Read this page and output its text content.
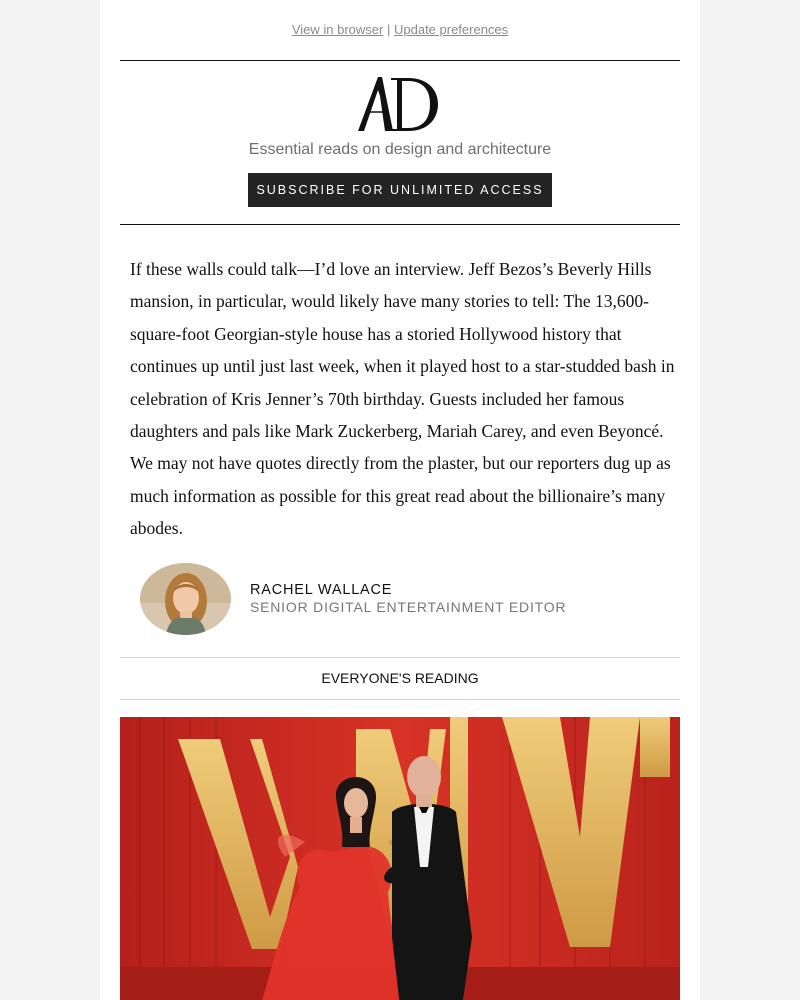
View in browser | Update preferences
Essential reads on design and architecture
SUBSCRIBE FOR UNLIMITED ACCESS

If these walls could talk—I’d love an interview. Jeff Bezos’s Beverly Hills mansion, in particular, would likely have many stories to tell: The 13,600-square-foot Georgian-style house has a storied Hollywood history that continues up until just last week, when it played host to a star-studded bash in celebration of Kris Jenner’s 70th birthday. Guests included her famous daughters and pals like Mark Zuckerberg, Mariah Carey, and even Beyoncé. We may not have quotes directly from the plaster, but our reporters dug up as much information as possible for this great read about the billionaire’s many abodes.

RACHEL WALLACE
SENIOR DIGITAL ENTERTAINMENT EDITOR
EVERYONE'S READING
